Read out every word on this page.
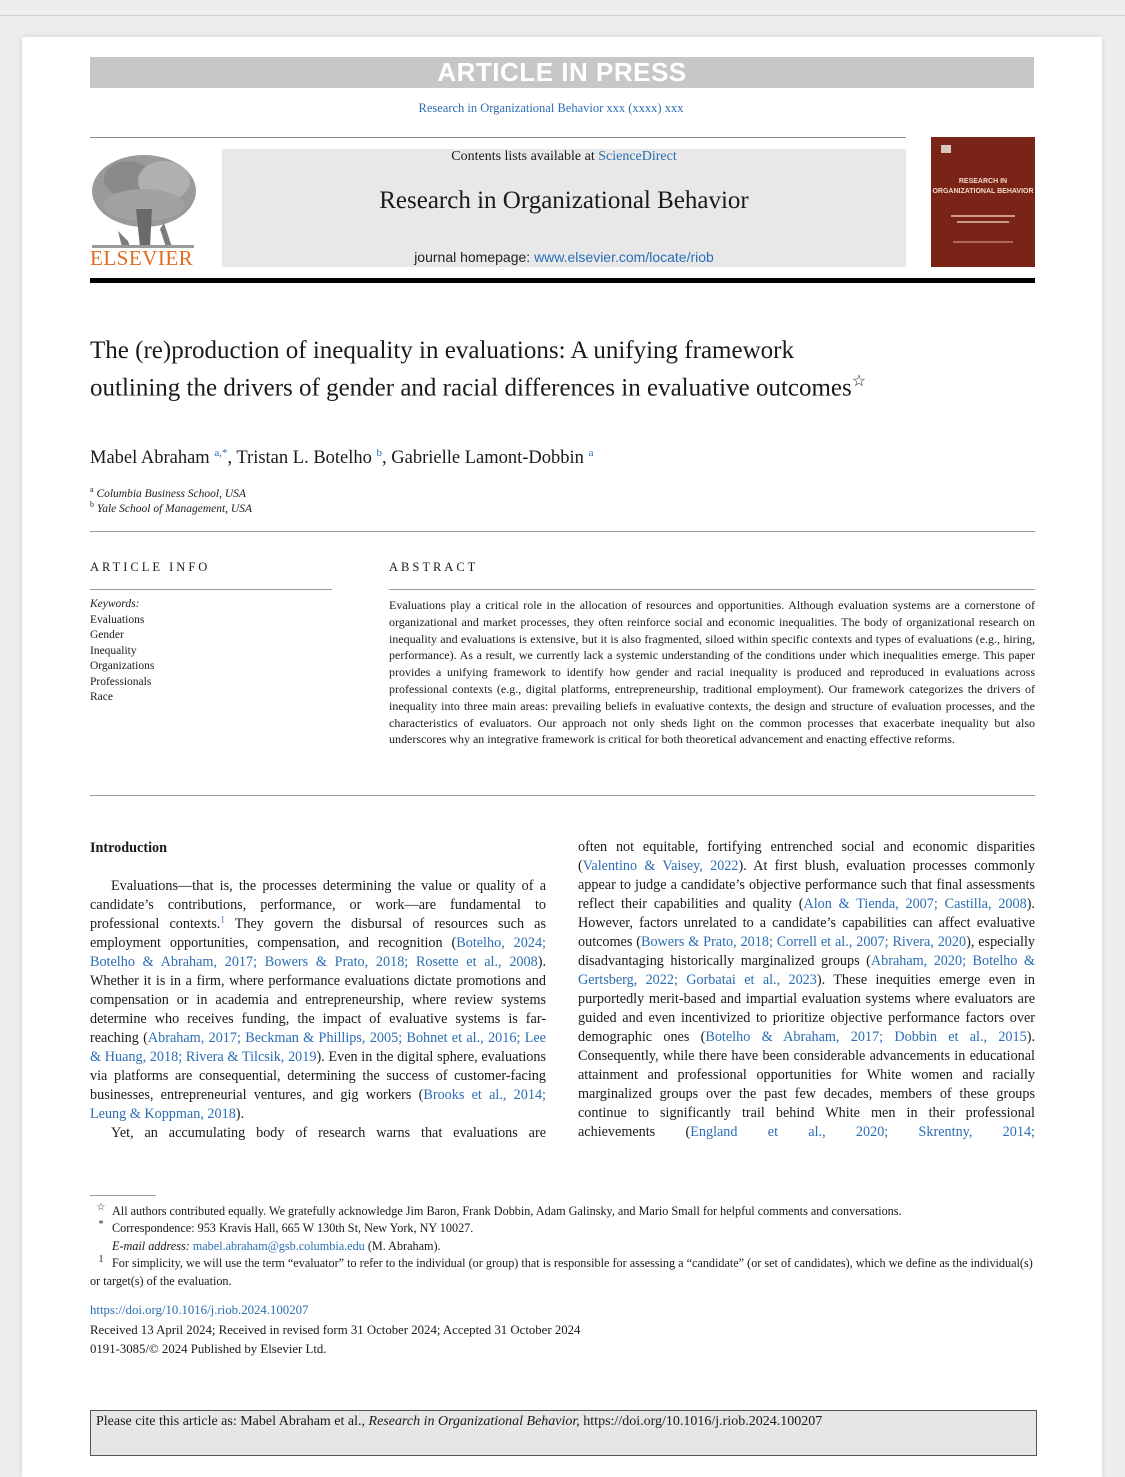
ARTICLE IN PRESS
Research in Organizational Behavior xxx (xxxx) xxx
ELSEVIER
Contents lists available at ScienceDirect
Research in Organizational Behavior
journal homepage: www.elsevier.com/locate/riob
RESEARCH IN ORGANIZATIONAL BEHAVIOR
The (re)production of inequality in evaluations: A unifying framework outlining the drivers of gender and racial differences in evaluative outcomes☆
Mabel Abraham $^{a,*}$, Tristan L. Botelho $^b$, Gabrielle Lamont-Dobbin $^a$
$^a$ Columbia Business School, USA
$^b$ Yale School of Management, USA
ARTICLE INFO	ABSTRACT
Keywords:
Evaluations
Gender
Inequality
Organizations
Professionals
Race
Evaluations play a critical role in the allocation of resources and opportunities. Although evaluation systems are a cornerstone of organizational and market processes, they often reinforce social and economic inequalities. The body of organizational research on inequality and evaluations is extensive, but it is also fragmented, siloed within specific contexts and types of evaluations (e.g., hiring, performance). As a result, we currently lack a systemic understanding of the conditions under which inequalities emerge. This paper provides a unifying framework to identify how gender and racial inequality is produced and reproduced in evaluations across professional contexts (e.g., digital platforms, entrepreneurship, traditional employment). Our framework categorizes the drivers of inequality into three main areas: prevailing beliefs in evaluative contexts, the design and structure of evaluation processes, and the characteristics of evaluators. Our approach not only sheds light on the common processes that exacerbate inequality but also underscores why an integrative framework is critical for both theoretical advancement and enacting effective reforms.

Introduction

Evaluations—that is, the processes determining the value or quality of a candidate’s contributions, performance, or work—are fundamental to professional contexts.$^1$ They govern the disbursal of resources such as employment opportunities, compensation, and recognition (Botelho, 2024; Botelho & Abraham, 2017; Bowers & Prato, 2018; Rosette et al., 2008). Whether it is in a firm, where performance evaluations dictate promotions and compensation or in academia and entrepreneurship, where review systems determine who receives funding, the impact of evaluative systems is far-reaching (Abraham, 2017; Beckman & Phillips, 2005; Bohnet et al., 2016; Lee & Huang, 2018; Rivera & Tilcsik, 2019). Even in the digital sphere, evaluations via platforms are consequential, determining the success of customer-facing businesses, entrepreneurial ventures, and gig workers (Brooks et al., 2014; Leung & Koppman, 2018).

Yet, an accumulating body of research warns that evaluations are

often not equitable, fortifying entrenched social and economic disparities (Valentino & Vaisey, 2022). At first blush, evaluation processes commonly appear to judge a candidate’s objective performance such that final assessments reflect their capabilities and quality (Alon & Tienda, 2007; Castilla, 2008). However, factors unrelated to a candidate’s capabilities can affect evaluative outcomes (Bowers & Prato, 2018; Correll et al., 2007; Rivera, 2020), especially disadvantaging historically marginalized groups (Abraham, 2020; Botelho & Gertsberg, 2022; Gorbatai et al., 2023). These inequities emerge even in purportedly merit-based and impartial evaluation systems where evaluators are guided and even incentivized to prioritize objective performance factors over demographic ones (Botelho & Abraham, 2017; Dobbin et al., 2015). Consequently, while there have been considerable advancements in educational attainment and professional opportunities for White women and racially marginalized groups over the past few decades, members of these groups continue to significantly trail behind White men in their professional achievements (England et al., 2020; Skrentny, 2014;

☆ All authors contributed equally. We gratefully acknowledge Jim Baron, Frank Dobbin, Adam Galinsky, and Mario Small for helpful comments and conversations.

* Correspondence: 953 Kravis Hall, 665 W 130th St, New York, NY 10027.

E-mail address: mabel.abraham@gsb.columbia.edu (M. Abraham).

1 For simplicity, we will use the term “evaluator” to refer to the individual (or group) that is responsible for assessing a “candidate” (or set of candidates), which we define as the individual(s) or target(s) of the evaluation.

https://doi.org/10.1016/j.riob.2024.100207

Received 13 April 2024; Received in revised form 31 October 2024; Accepted 31 October 2024

0191-3085/© 2024 Published by Elsevier Ltd.

Please cite this article as: Mabel Abraham et al., Research in Organizational Behavior, https://doi.org/10.1016/j.riob.2024.100207
